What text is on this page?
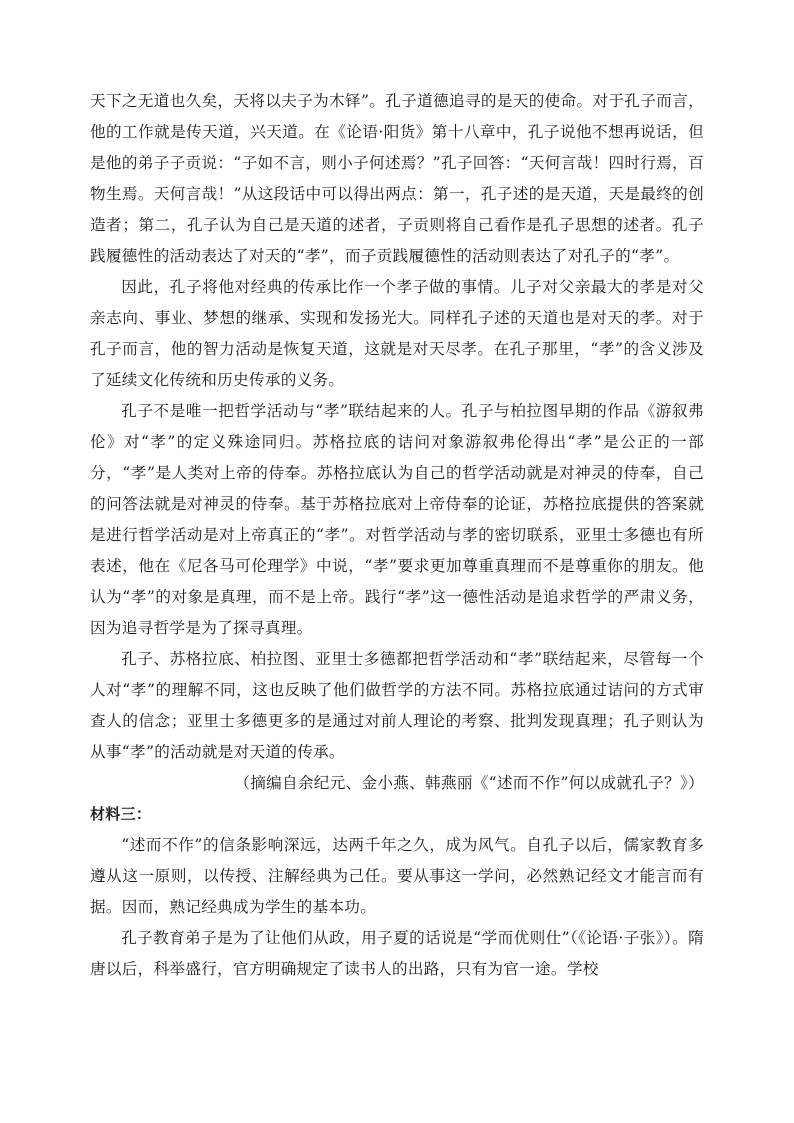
天下之无道也久矣，天将以夫子为木铎”。孔子道德追寻的是天的使命。对于孔子而言，他的工作就是传天道，兴天道。在《论语·阳货》第十八章中，孔子说他不想再说话，但是他的弟子子贡说：“子如不言，则小子何述焉？”孔子回答：“天何言哉！四时行焉，百物生焉。天何言哉！”从这段话中可以得出两点：第一，孔子述的是天道，天是最终的创造者；第二，孔子认为自己是天道的述者，子贡则将自己看作是孔子思想的述者。孔子践履德性的活动表达了对天的“孝”，而子贡践履德性的活动则表达了对孔子的“孝”。

因此，孔子将他对经典的传承比作一个孝子做的事情。儿子对父亲最大的孝是对父亲志向、事业、梦想的继承、实现和发扬光大。同样孔子述的天道也是对天的孝。对于孔子而言，他的智力活动是恢复天道，这就是对天尽孝。在孔子那里，“孝”的含义涉及了延续文化传统和历史传承的义务。

孔子不是唯一把哲学活动与“孝”联结起来的人。孔子与柏拉图早期的作品《游叙弗伦》对“孝”的定义殊途同归。苏格拉底的诘问对象游叙弗伦得出“孝”是公正的一部分，“孝”是人类对上帝的侍奉。苏格拉底认为自己的哲学活动就是对神灵的侍奉，自己的问答法就是对神灵的侍奉。基于苏格拉底对上帝侍奉的论证，苏格拉底提供的答案就是进行哲学活动是对上帝真正的“孝”。对哲学活动与孝的密切联系，亚里士多德也有所表述，他在《尼各马可伦理学》中说，“孝”要求更加尊重真理而不是尊重你的朋友。他认为“孝”的对象是真理，而不是上帝。践行“孝”这一德性活动是追求哲学的严肃义务，因为追寻哲学是为了探寻真理。

孔子、苏格拉底、柏拉图、亚里士多德都把哲学活动和“孝”联结起来，尽管每一个人对“孝”的理解不同，这也反映了他们做哲学的方法不同。苏格拉底通过诘问的方式审查人的信念；亚里士多德更多的是通过对前人理论的考察、批判发现真理；孔子则认为从事“孝”的活动就是对天道的传承。

（摘编自余纪元、金小燕、韩燕丽《“述而不作”何以成就孔子？》）

材料三：

“述而不作”的信条影响深远，达两千年之久，成为风气。自孔子以后，儒家教育多遵从这一原则，以传授、注解经典为己任。要从事这一学问，必然熟记经文才能言而有据。因而，熟记经典成为学生的基本功。

孔子教育弟子是为了让他们从政，用子夏的话说是“学而优则仕”（《论语·子张》）。隋唐以后，科举盛行，官方明确规定了读书人的出路，只有为官一途。学校
